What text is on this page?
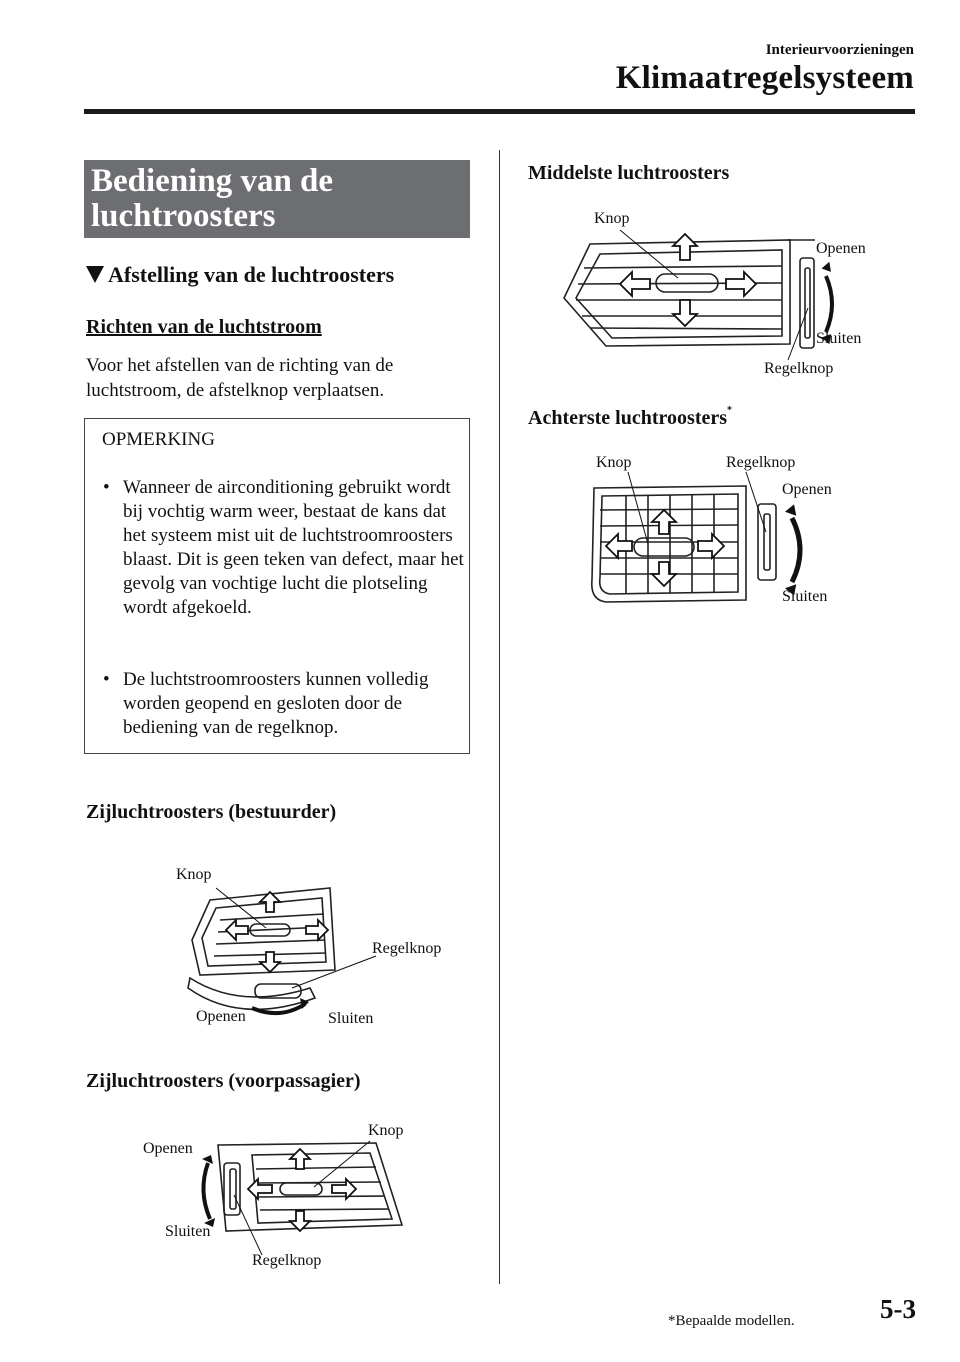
Interieurvoorzieningen
Klimaatregelsysteem
Bediening van de
luchtroosters
Afstelling van de luchtroosters
Richten van de luchtstroom
Voor het afstellen van de richting van de luchtstroom, de afstelknop verplaatsen.
OPMERKING
• Wanneer de airconditioning gebruikt wordt bij vochtig warm weer, bestaat de kans dat het systeem mist uit de luchtstroomroosters blaast. Dit is geen teken van defect, maar het gevolg van vochtige lucht die plotseling wordt afgekoeld.
• De luchtstroomroosters kunnen volledig worden geopend en gesloten door de bediening van de regelknop.
Zijluchtroosters (bestuurder)
Knop
Regelknop
Openen	Sluiten
Zijluchtroosters (voorpassagier)
Knop
Openen
Sluiten
Regelknop
Middelste luchtroosters
Knop
Openen
Sluiten
Regelknop
Achterste luchtroosters*
Knop	Regelknop
Openen
Sluiten
*Bepaalde modellen.	5-3
